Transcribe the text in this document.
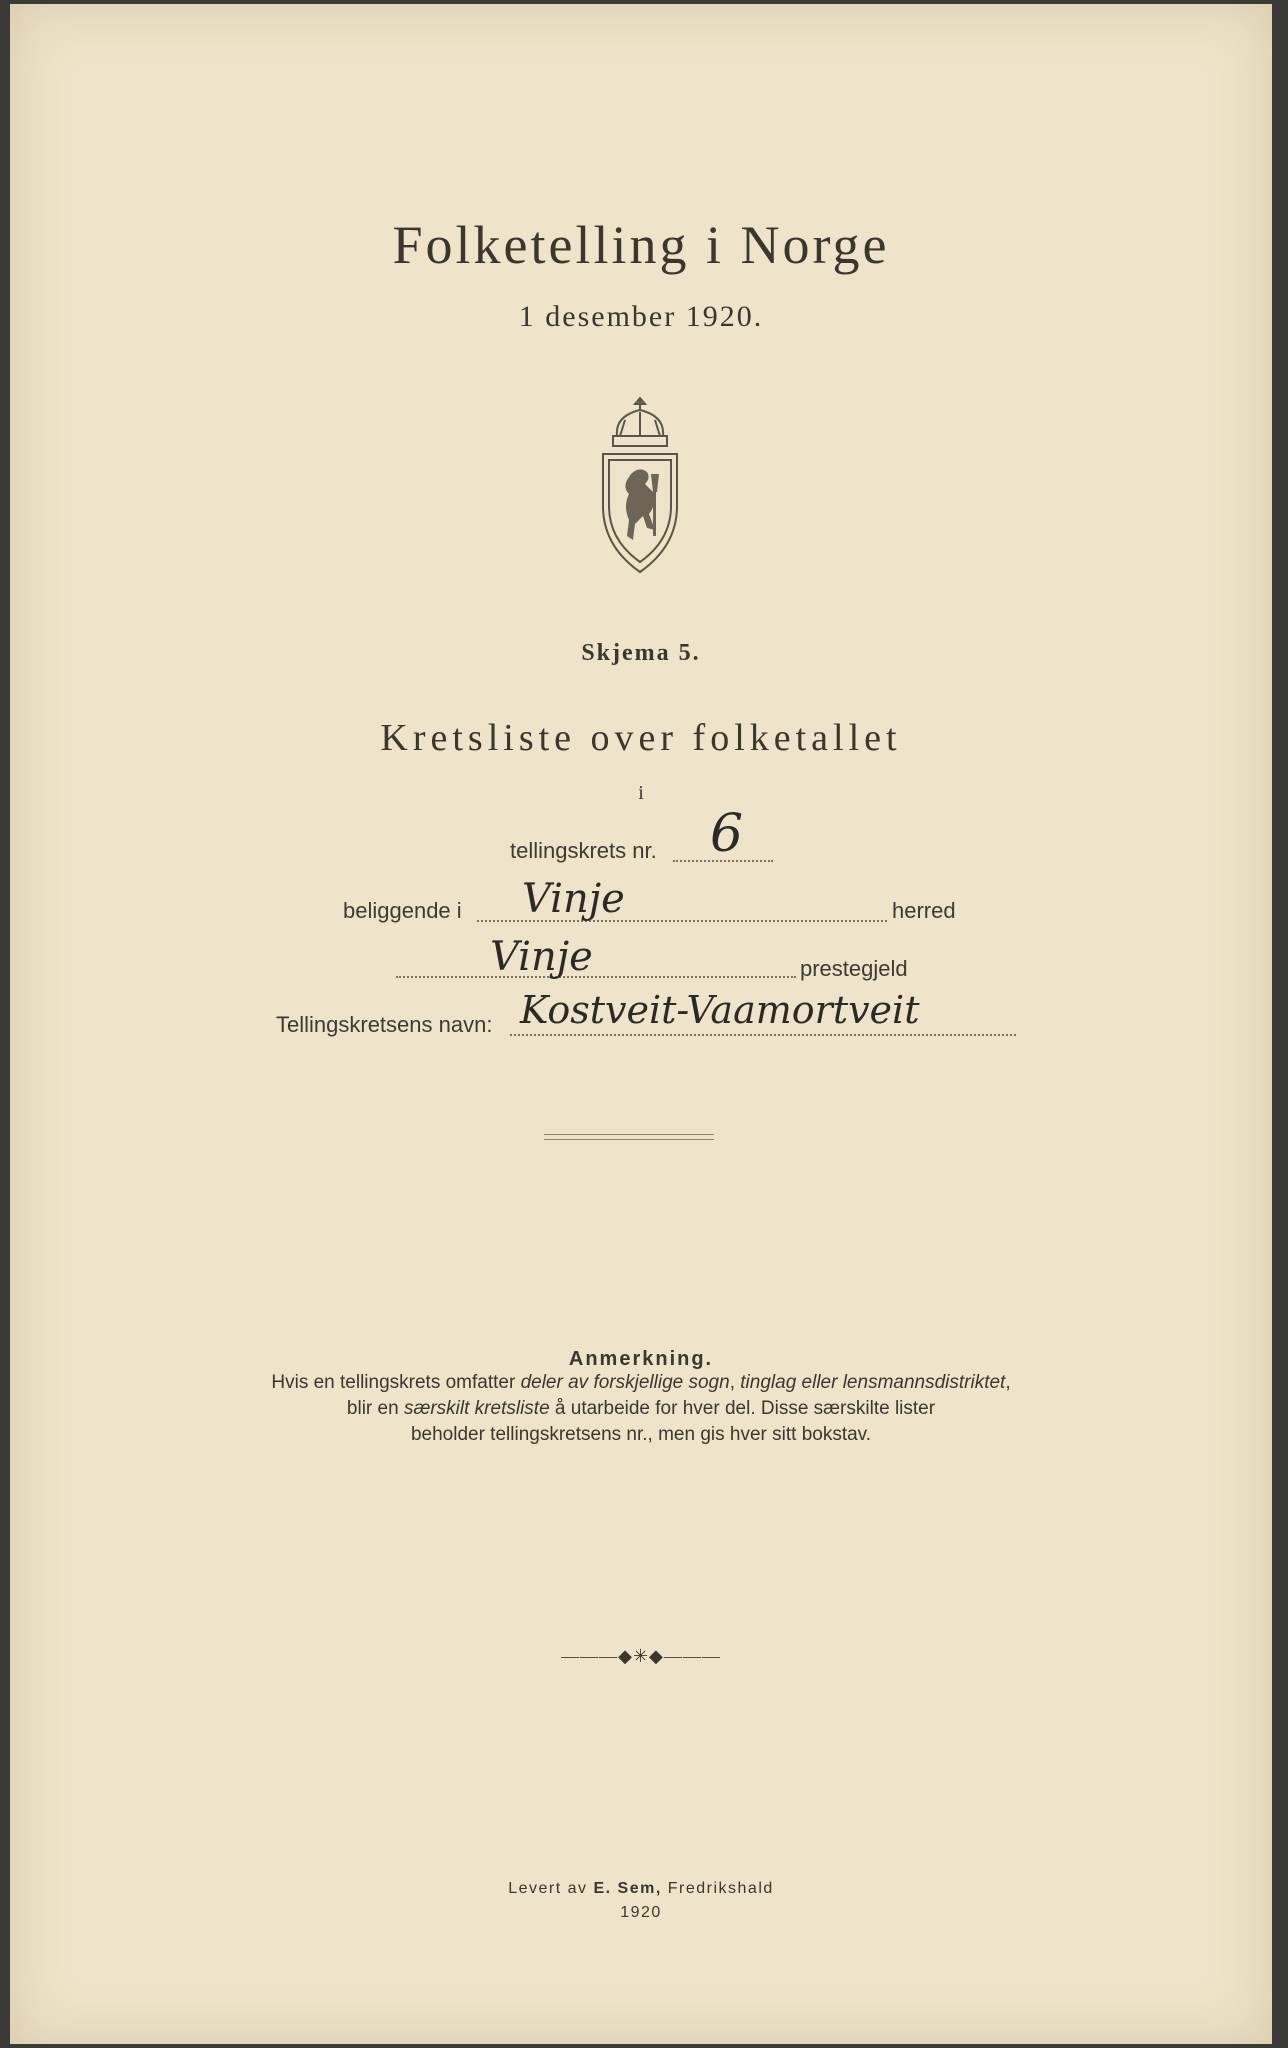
Folketelling i Norge
1 desember 1920.
Skjema 5.
Kretsliste over folketallet
i
tellingskrets nr. 6
beliggende i Vinje	herred
Vinje	prestegjeld
Tellingskretsens navn: Kostveit-Vaamortveit
Anmerkning.
Hvis en tellingskrets omfatter deler av forskjellige sogn, tinglag eller lensmannsdistriktet,
blir en særskilt kretsliste å utarbeide for hver del. Disse særskilte lister
beholder tellingskretsens nr., men gis hver sitt bokstav.
———◆✳◆———
Levert av E. Sem, Fredrikshald
1920
